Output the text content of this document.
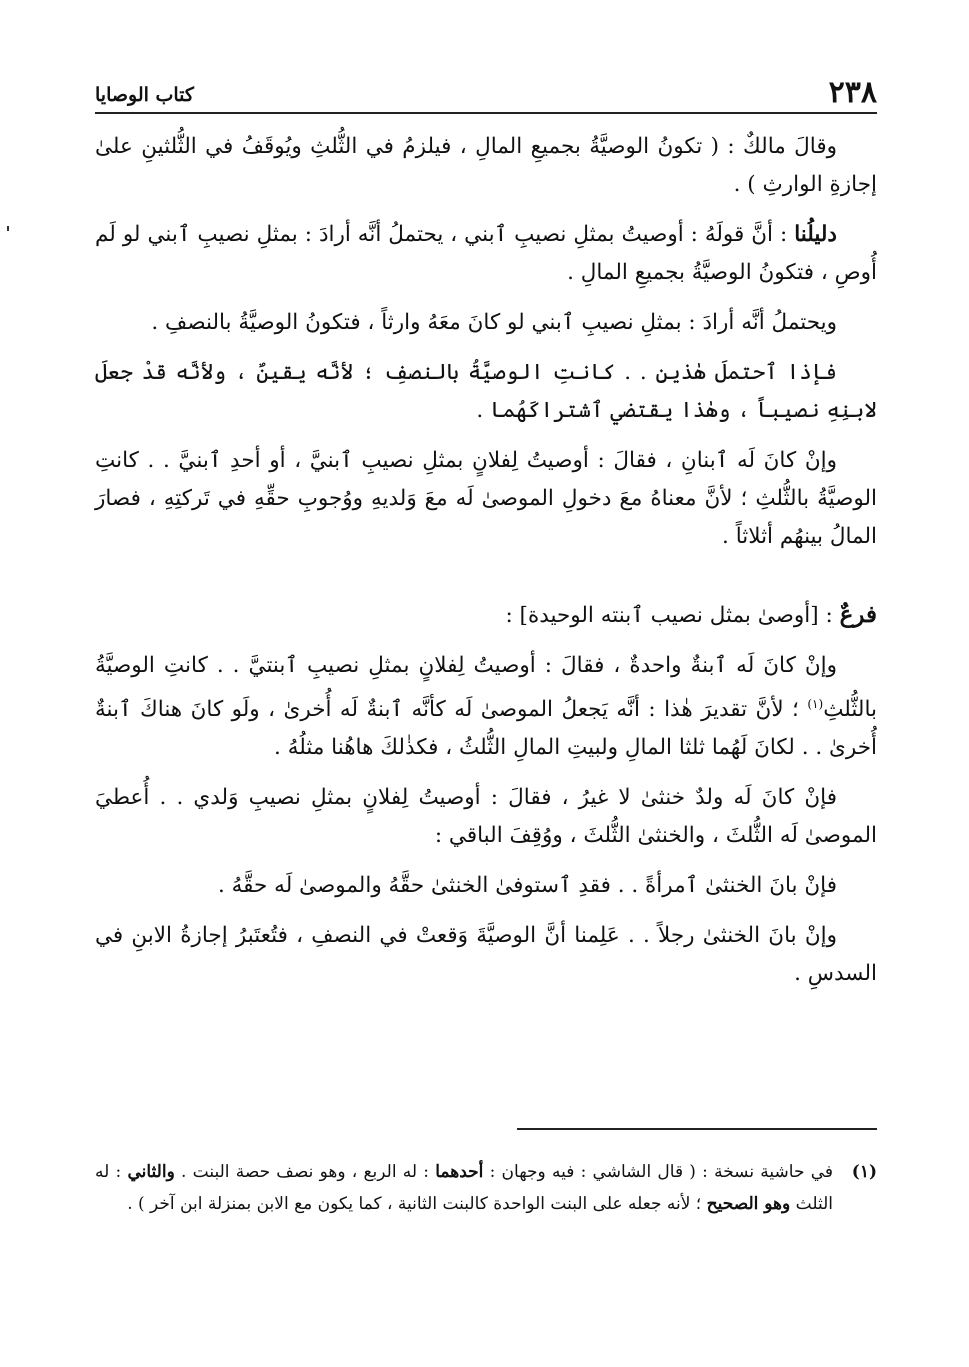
٢٣٨
كتاب الوصايا

وقالَ مالكٌ : ( تكونُ الوصيَّةُ بجميعِ المالِ ، فيلزمُ في الثُّلثِ ويُوقَفُ في الثُّلثينِ علىٰ إجازةِ الوارثِ ) .

دليلُنا : أنَّ قولَهُ : أوصيتُ بمثلِ نصيبِ ٱبني ، يحتملُ أنَّه أرادَ : بمثلِ نصيبِ ٱبني لو لَم أُوصِ ، فتكونُ الوصيَّةُ بجميعِ المالِ .

ويحتملُ أنَّه أرادَ : بمثلِ نصيبِ ٱبني لو كانَ معَهُ وارثاً ، فتكونُ الوصيَّةُ بالنصفِ .

فإذا ٱحتملَ هٰذينِ . . كانتِ الوصيَّةُ بالنصفِ ؛ لأنَّه يقينٌ ، ولأنَّه قدْ جعلَ لابنِهِ نصيباً ، وهٰذا يقتضي ٱشتراكَهُما .

وإنْ كانَ لَه ٱبنانِ ، فقالَ : أوصيتُ لِفلانٍ بمثلِ نصيبِ ٱبنيَّ ، أو أحدِ ٱبنيَّ . . كانتِ الوصيَّةُ بالثُّلثِ ؛ لأنَّ معناهُ معَ دخولِ الموصىٰ لَه معَ وَلديهِ ووُجوبِ حقِّهِ في تَركتِهِ ، فصارَ المالُ بينهُم أثلاثاً .

فرعٌ : [أوصىٰ بمثل نصيب ٱبنته الوحيدة] :

وإنْ كانَ لَه ٱبنةٌ واحدةٌ ، فقالَ : أوصيتُ لِفلانٍ بمثلِ نصيبِ ٱبنتيَّ . . كانتِ الوصيَّةُ بالثُّلثِ$^{(١)}$ ؛ لأنَّ تقديرَ هٰذا : أنَّه يَجعلُ الموصىٰ لَه كأنَّه ٱبنةٌ لَه أُخرىٰ ، ولَو كانَ هناكَ ٱبنةٌ أُخرىٰ . . لكانَ لَهُما ثلثا المالِ ولبيتِ المالِ الثُّلثُ ، فكذٰلكَ هاهُنا مثلُهُ .

فإنْ كانَ لَه ولدٌ خنثىٰ لا غيرُ ، فقالَ : أوصيتُ لِفلانٍ بمثلِ نصيبِ وَلدي . . أُعطيَ الموصىٰ لَه الثُّلثَ ، والخنثىٰ الثُّلثَ ، ووُقِفَ الباقي :

فإنْ بانَ الخنثىٰ ٱمرأةً . . فقدِ ٱستوفىٰ الخنثىٰ حقَّهُ والموصىٰ لَه حقَّهُ .

وإنْ بانَ الخنثىٰ رجلاً . . عَلِمنا أنَّ الوصيَّةَ وَقعتْ في النصفِ ، فتُعتَبرُ إجازةُ الابنِ في السدسِ .

(١)
في حاشية نسخة : ( قال الشاشي : فيه وجهان : أحدهما : له الربع ، وهو نصف حصة البنت . والثاني : له الثلث وهو الصحيح ؛ لأنه جعله على البنت الواحدة كالبنت الثانية ، كما يكون مع الابن بمنزلة ابن آخر ) .
